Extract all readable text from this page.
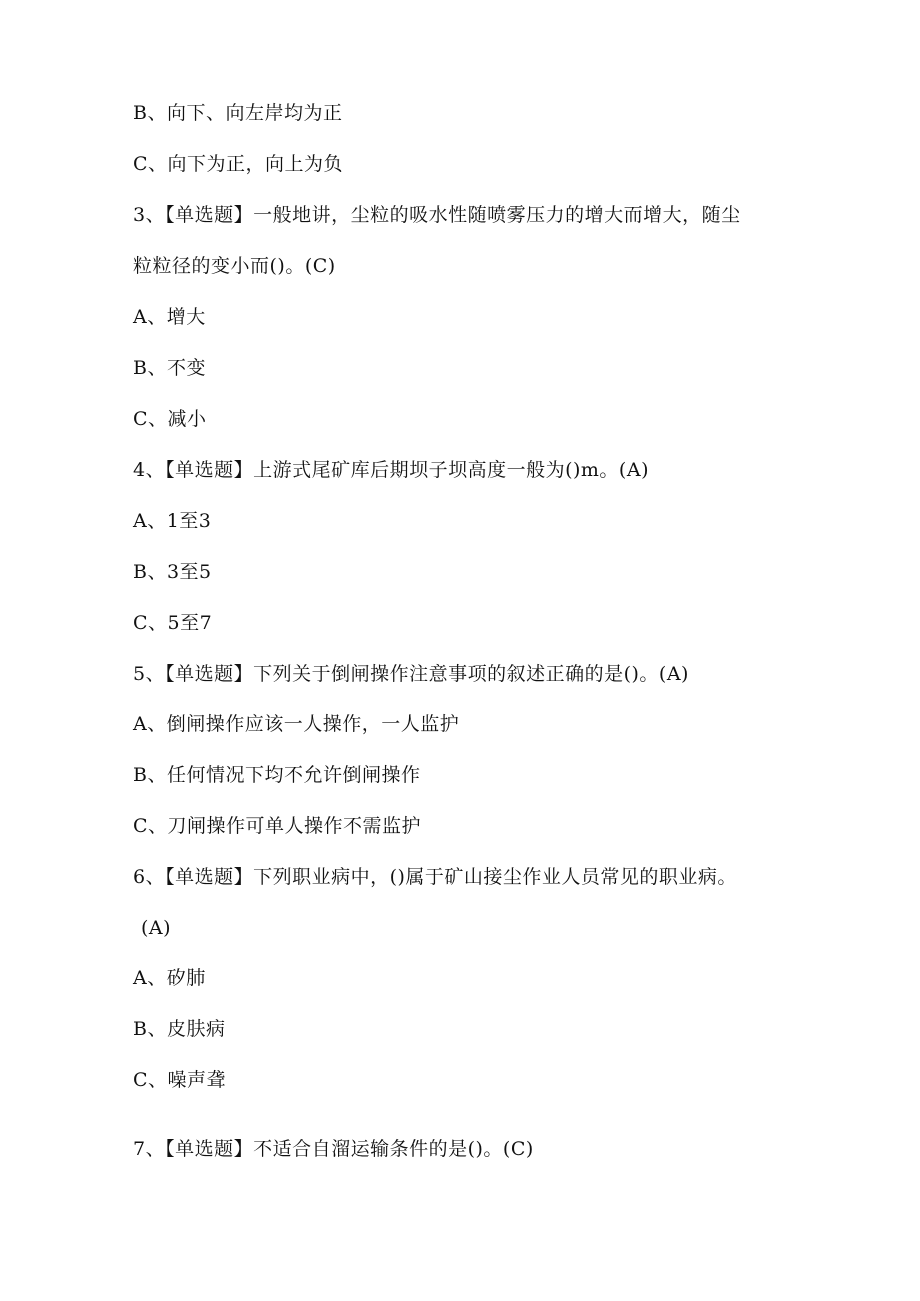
B、向下、向左岸均为正
C、向下为正，向上为负
3、【单选题】一般地讲，尘粒的吸水性随喷雾压力的增大而增大，随尘
粒粒径的变小而()。(C)
A、增大
B、不变
C、减小
4、【单选题】上游式尾矿库后期坝子坝高度一般为()m。(A)
A、1至3
B、3至5
C、5至7
5、【单选题】下列关于倒闸操作注意事项的叙述正确的是()。(A)
A、倒闸操作应该一人操作，一人监护
B、任何情况下均不允许倒闸操作
C、刀闸操作可单人操作不需监护
6、【单选题】下列职业病中，()属于矿山接尘作业人员常见的职业病。
(A)
A、矽肺
B、皮肤病
C、噪声聋
7、【单选题】不适合自溜运输条件的是()。(C)
